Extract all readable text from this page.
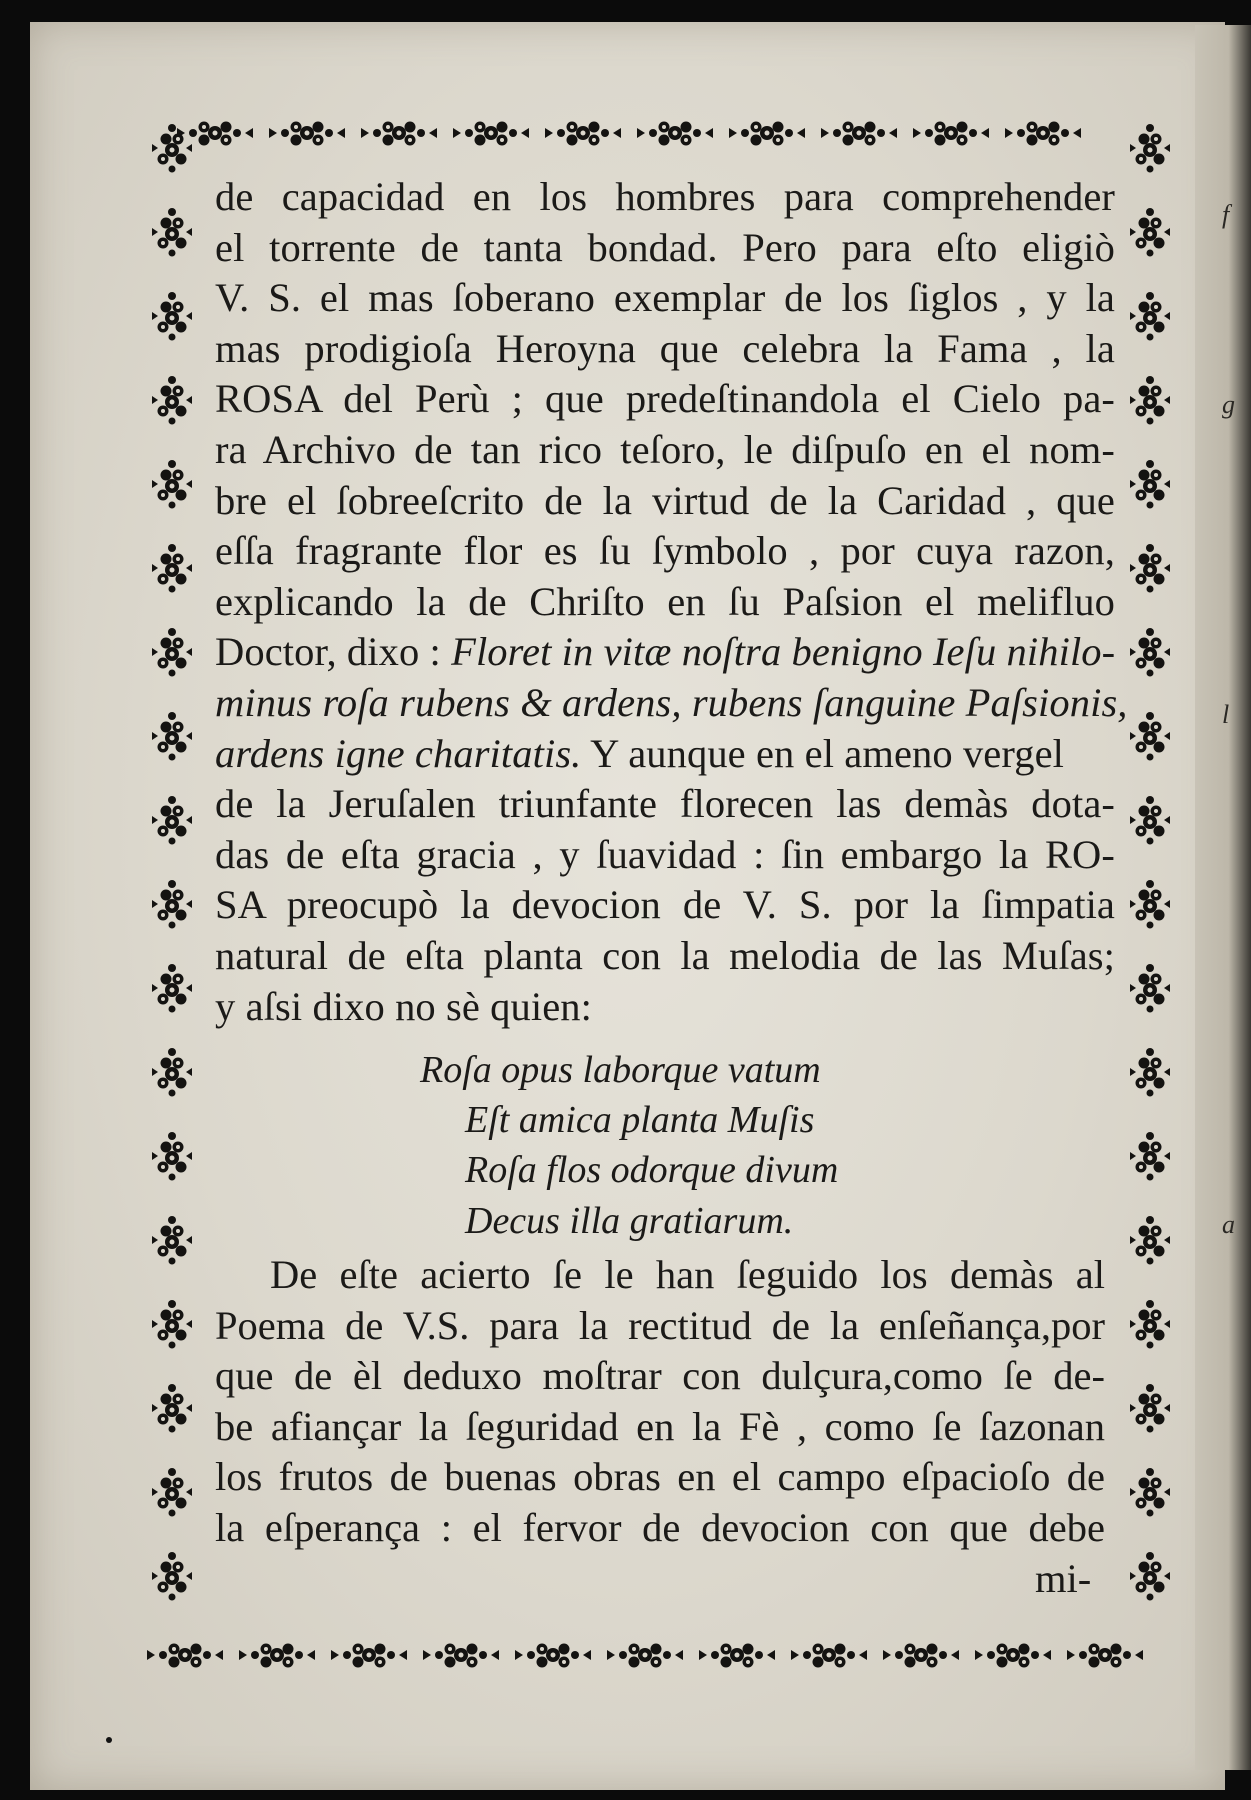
f
g
l
a
de capacidad en los hombres para comprehender
el torrente de tanta bondad. Pero para eſto eligiò
V. S. el mas ſoberano exemplar de los ſiglos , y la
mas prodigioſa Heroyna que celebra la Fama , la
ROSA del Perù ; que predeſtinandola el Cielo pa-
ra Archivo de tan rico teſoro, le diſpuſo en el nom-
bre el ſobreeſcrito de la virtud de la Caridad , que
eſſa fragrante flor es ſu ſymbolo , por cuya razon,
explicando la de Chriſto en ſu Paſsion el melifluo
Doctor, dixo : Floret in vitæ noſtra benigno Ieſu nihilo-
minus roſa rubens & ardens, rubens ſanguine Paſsionis,
ardens igne charitatis. Y aunque en el ameno vergel
de la Jeruſalen triunfante florecen las demàs dota-
das de eſta gracia , y ſuavidad : ſin embargo la RO-
SA preocupò la devocion de V. S. por la ſimpatia
natural de eſta planta con la melodia de las Muſas;
y aſsi dixo no sè quien:
Roſa opus laborque vatum
Eſt amica planta Muſis
Roſa flos odorque divum
Decus illa gratiarum.
De eſte acierto ſe le han ſeguido los demàs al
Poema de V.S. para la rectitud de la enſeñança,por
que de èl deduxo moſtrar con dulçura,como ſe de-
be afiançar la ſeguridad en la Fè , como ſe ſazonan
los frutos de buenas obras en el campo eſpacioſo de
la eſperança : el fervor de devocion con que debe
mi-
